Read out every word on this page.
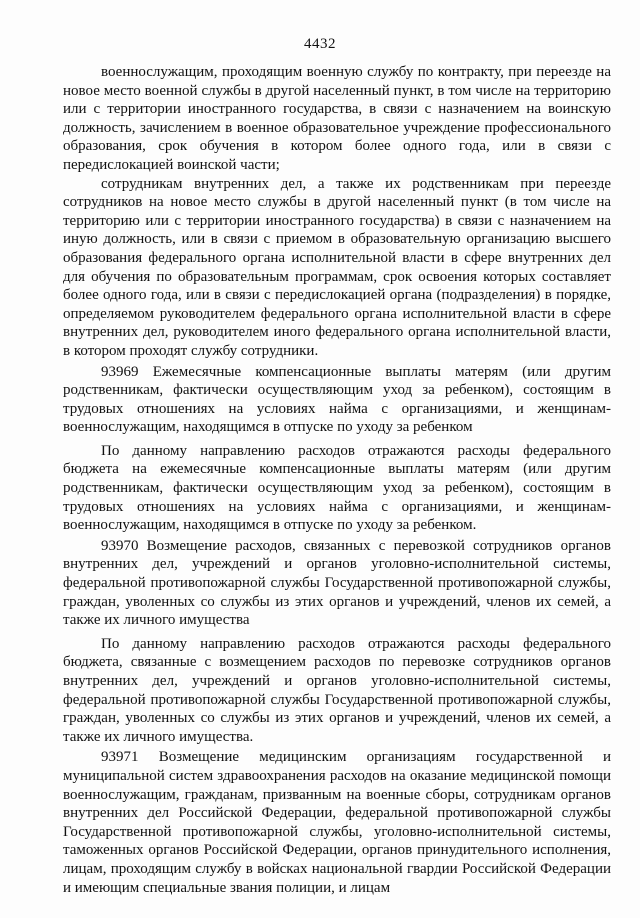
4432

военнослужащим, проходящим военную службу по контракту, при переезде на новое место военной службы в другой населенный пункт, в том числе на территорию или с территории иностранного государства, в связи с назначением на воинскую должность, зачислением в военное образовательное учреждение профессионального образования, срок обучения в котором более одного года, или в связи с передислокацией воинской части;

сотрудникам внутренних дел, а также их родственникам при переезде сотрудников на новое место службы в другой населенный пункт (в том числе на территорию или с территории иностранного государства) в связи с назначением на иную должность, или в связи с приемом в образовательную организацию высшего образования федерального органа исполнительной власти в сфере внутренних дел для обучения по образовательным программам, срок освоения которых составляет более одного года, или в связи с передислокацией органа (подразделения) в порядке, определяемом руководителем федерального органа исполнительной власти в сфере внутренних дел, руководителем иного федерального органа исполнительной власти, в котором проходят службу сотрудники.

93969 Ежемесячные компенсационные выплаты матерям (или другим родственникам, фактически осуществляющим уход за ребенком), состоящим в трудовых отношениях на условиях найма с организациями, и женщинам-военнослужащим, находящимся в отпуске по уходу за ребенком

По данному направлению расходов отражаются расходы федерального бюджета на ежемесячные компенсационные выплаты матерям (или другим родственникам, фактически осуществляющим уход за ребенком), состоящим в трудовых отношениях на условиях найма с организациями, и женщинам-военнослужащим, находящимся в отпуске по уходу за ребенком.

93970 Возмещение расходов, связанных с перевозкой сотрудников органов внутренних дел, учреждений и органов уголовно-исполнительной системы, федеральной противопожарной службы Государственной противопожарной службы, граждан, уволенных со службы из этих органов и учреждений, членов их семей, а также их личного имущества

По данному направлению расходов отражаются расходы федерального бюджета, связанные с возмещением расходов по перевозке сотрудников органов внутренних дел, учреждений и органов уголовно-исполнительной системы, федеральной противопожарной службы Государственной противопожарной службы, граждан, уволенных со службы из этих органов и учреждений, членов их семей, а также их личного имущества.

93971 Возмещение медицинским организациям государственной и муниципальной систем здравоохранения расходов на оказание медицинской помощи военнослужащим, гражданам, призванным на военные сборы, сотрудникам органов внутренних дел Российской Федерации, федеральной противопожарной службы Государственной противопожарной службы, уголовно-исполнительной системы, таможенных органов Российской Федерации, органов принудительного исполнения, лицам, проходящим службу в войсках национальной гвардии Российской Федерации и имеющим специальные звания полиции, и лицам
